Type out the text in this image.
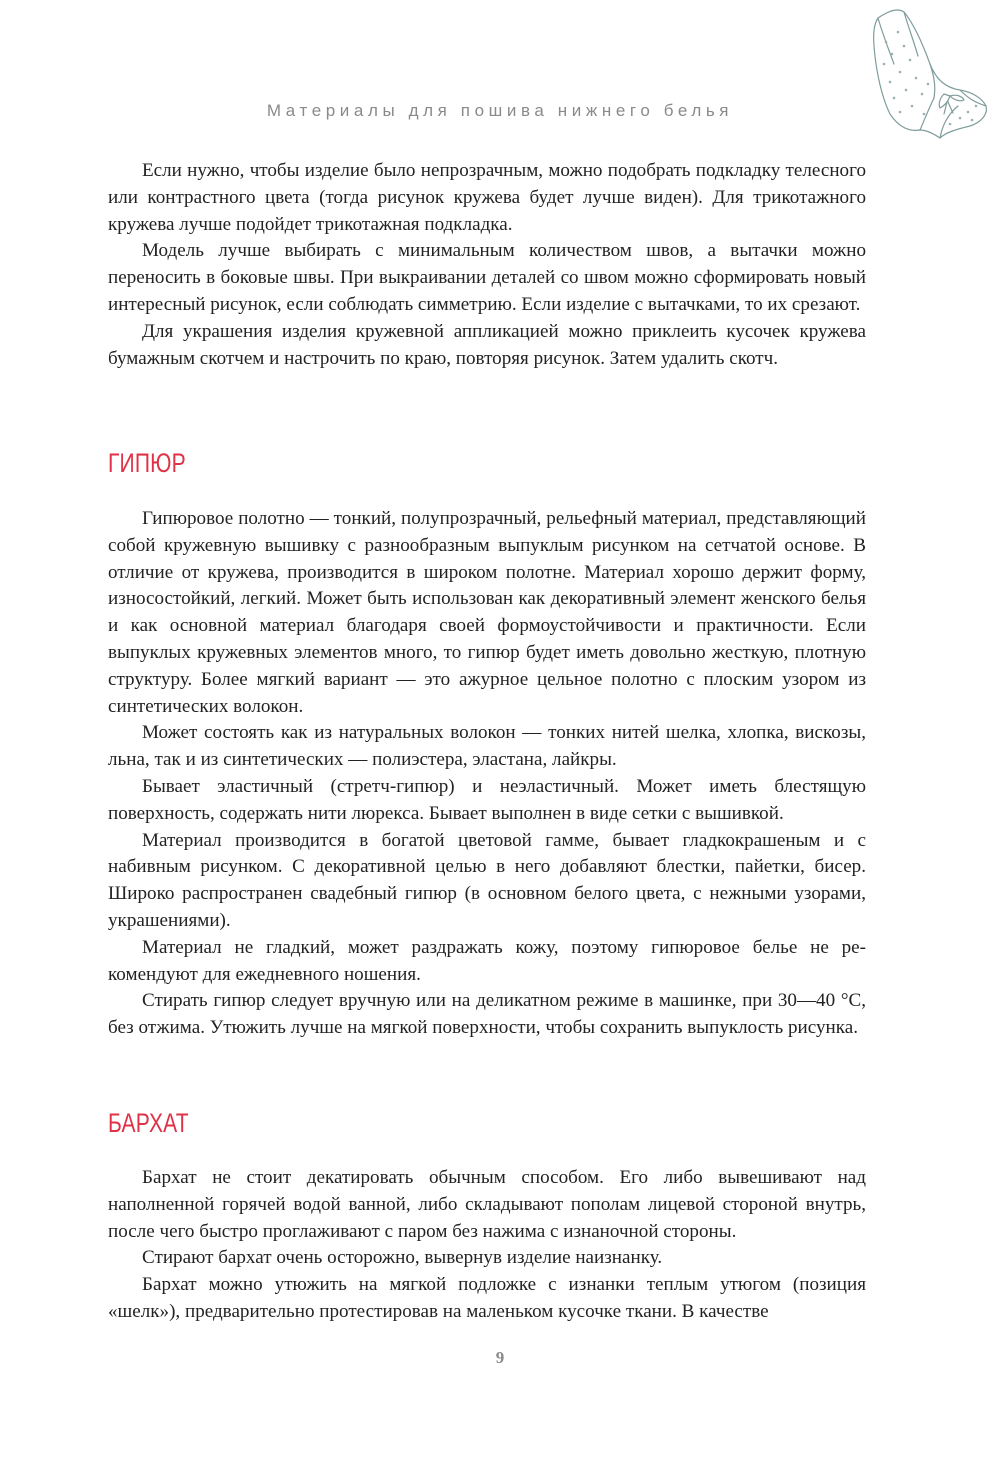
Материалы для пошива нижнего белья

Если нужно, чтобы изделие было непрозрачным, можно подобрать подкладку телесного или контрастного цвета (тогда рисунок кружева будет лучше виден). Для трикотажного кружева лучше подойдет трикотажная подкладка.

Модель лучше выбирать с минимальным количеством швов, а вытачки можно переносить в боковые швы. При выкраивании деталей со швом можно сформировать новый интересный рисунок, если соблюдать симметрию. Если изделие с вытачками, то их срезают.

Для украшения изделия кружевной аппликацией можно приклеить кусочек кружева бумажным скотчем и настрочить по краю, повторяя рисунок. Затем удалить скотч.

ГИПЮР

Гипюровое полотно — тонкий, полупрозрачный, рельефный материал, представляющий собой кружевную вышивку с разнообразным выпуклым рисунком на сетчатой основе. В отличие от кружева, производится в широком полотне. Материал хорошо держит форму, износостойкий, легкий. Может быть использован как декоративный элемент женского белья и как основной материал благодаря своей формоустойчивости и практичности. Если выпуклых кружевных элементов много, то гипюр будет иметь довольно жесткую, плотную структуру. Более мягкий вариант — это ажурное цельное полотно с плоским узором из синтетических волокон.

Может состоять как из натуральных волокон — тонких нитей шелка, хлопка, вискозы, льна, так и из синтетических — полиэстера, эластана, лайкры.

Бывает эластичный (стретч-гипюр) и неэластичный. Может иметь блестящую поверхность, содержать нити люрекса. Бывает выполнен в виде сетки с вышивкой.

Материал производится в богатой цветовой гамме, бывает гладкокрашеным и с набивным рисунком. С декоративной целью в него добавляют блестки, пайетки, бисер. Широко распространен свадебный гипюр (в основном белого цвета, с нежными узорами, украшениями).

Материал не гладкий, может раздражать кожу, поэтому гипюровое белье не рекомендуют для ежедневного ношения.

Стирать гипюр следует вручную или на деликатном режиме в машинке, при 30—40 °С, без отжима. Утюжить лучше на мягкой поверхности, чтобы сохранить выпуклость рисунка.

БАРХАТ

Бархат не стоит декатировать обычным способом. Его либо вывешивают над наполненной горячей водой ванной, либо складывают пополам лицевой стороной внутрь, после чего быстро проглаживают с паром без нажима с изнаночной стороны.

Стирают бархат очень осторожно, вывернув изделие наизнанку.

Бархат можно утюжить на мягкой подложке с изнанки теплым утюгом (позиция «шелк»), предварительно протестировав на маленьком кусочке ткани. В качестве

9
